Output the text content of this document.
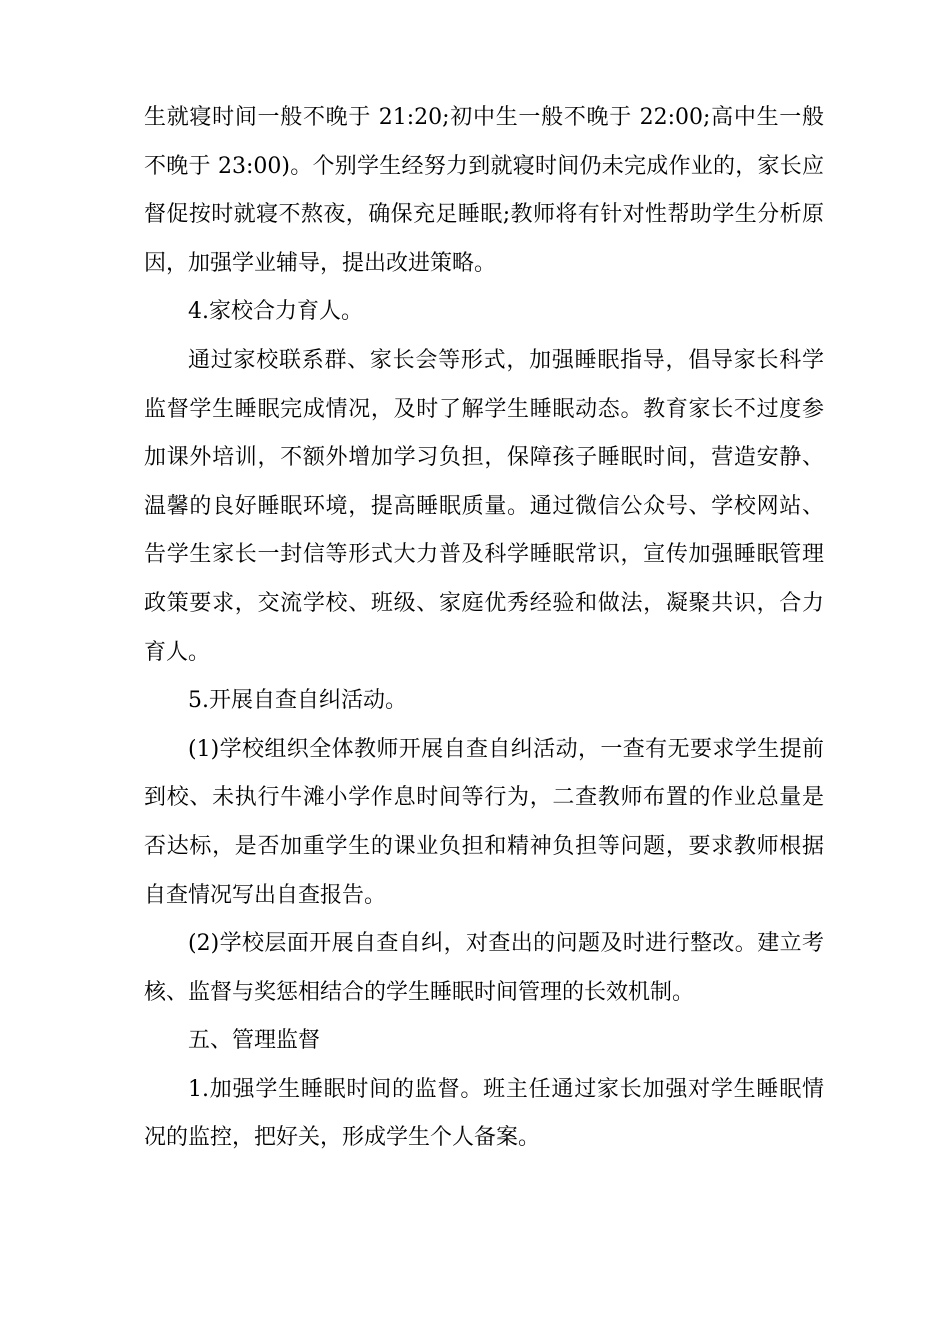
生就寝时间一般不晚于 21:20;初中生一般不晚于 22:00;高中生一般不晚于 23:00)。个别学生经努力到就寝时间仍未完成作业的，家长应督促按时就寝不熬夜，确保充足睡眠;教师将有针对性帮助学生分析原因，加强学业辅导，提出改进策略。

4.家校合力育人。

通过家校联系群、家长会等形式，加强睡眠指导，倡导家长科学监督学生睡眠完成情况，及时了解学生睡眠动态。教育家长不过度参加课外培训，不额外增加学习负担，保障孩子睡眠时间，营造安静、温馨的良好睡眠环境，提高睡眠质量。通过微信公众号、学校网站、告学生家长一封信等形式大力普及科学睡眠常识，宣传加强睡眠管理政策要求，交流学校、班级、家庭优秀经验和做法，凝聚共识，合力育人。

5.开展自查自纠活动。

(1)学校组织全体教师开展自查自纠活动，一查有无要求学生提前到校、未执行牛滩小学作息时间等行为，二查教师布置的作业总量是否达标，是否加重学生的课业负担和精神负担等问题，要求教师根据自查情况写出自查报告。

(2)学校层面开展自查自纠，对查出的问题及时进行整改。建立考核、监督与奖惩相结合的学生睡眠时间管理的长效机制。

五、管理监督

1.加强学生睡眠时间的监督。班主任通过家长加强对学生睡眠情况的监控，把好关，形成学生个人备案。
